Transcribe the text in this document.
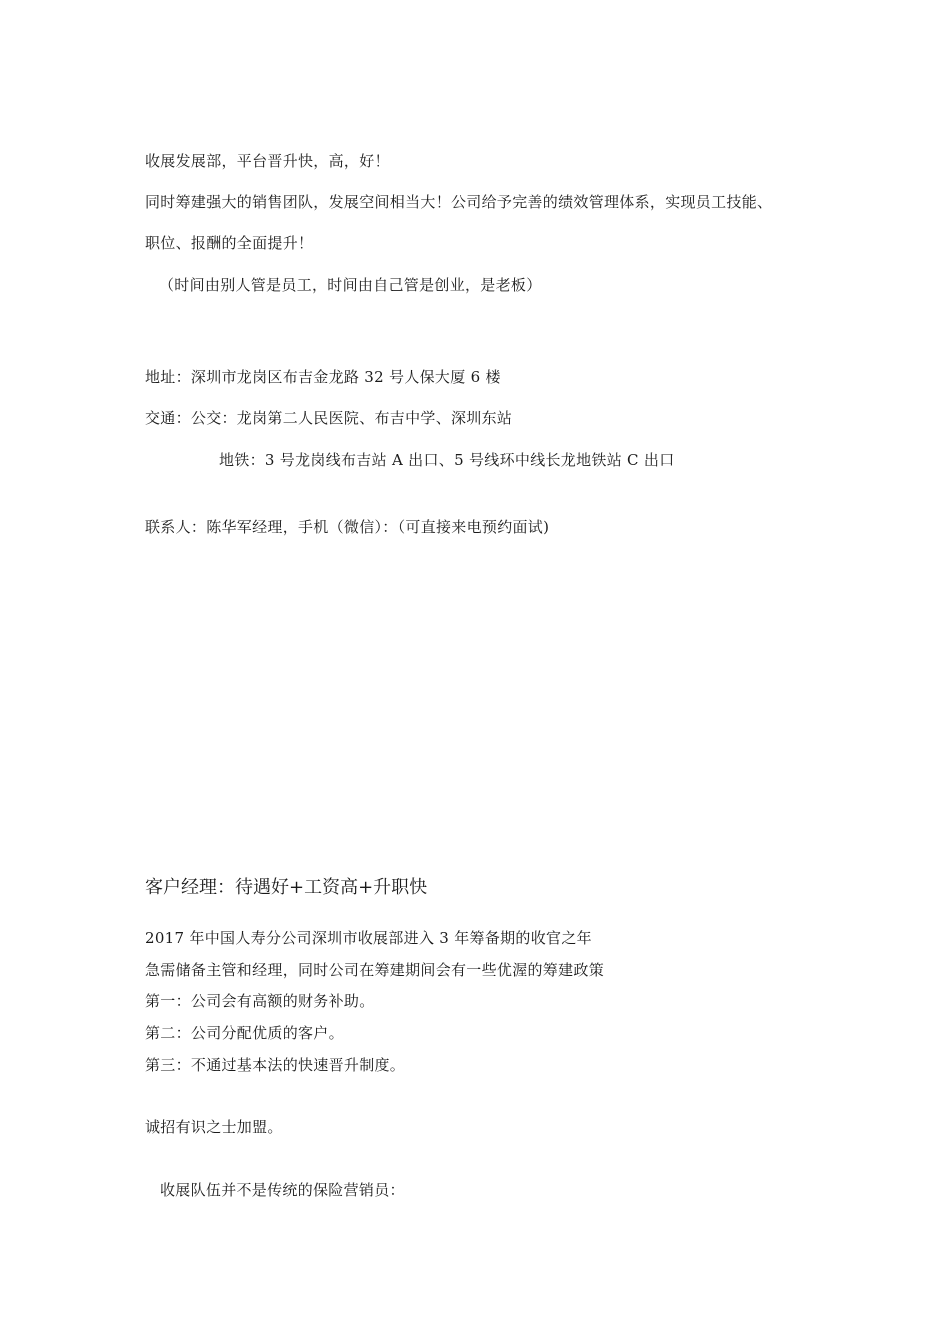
收展发展部，平台晋升快，高，好！
同时筹建强大的销售团队，发展空间相当大！公司给予完善的绩效管理体系，实现员工技能、
职位、报酬的全面提升！
（时间由别人管是员工，时间由自己管是创业，是老板）
地址：深圳市龙岗区布吉金龙路 32 号人保大厦 6 楼
交通：公交：龙岗第二人民医院、布吉中学、深圳东站
地铁：3 号龙岗线布吉站 A 出口、5 号线环中线长龙地铁站 C 出口
联系人：陈华军经理，手机（微信）：（可直接来电预约面试)
客户经理：待遇好+工资高+升职快
2017 年中国人寿分公司深圳市收展部进入 3 年筹备期的收官之年
急需储备主管和经理，同时公司在筹建期间会有一些优渥的筹建政策
第一：公司会有高额的财务补助。
第二：公司分配优质的客户。
第三：不通过基本法的快速晋升制度。
诚招有识之士加盟。
收展队伍并不是传统的保险营销员：
